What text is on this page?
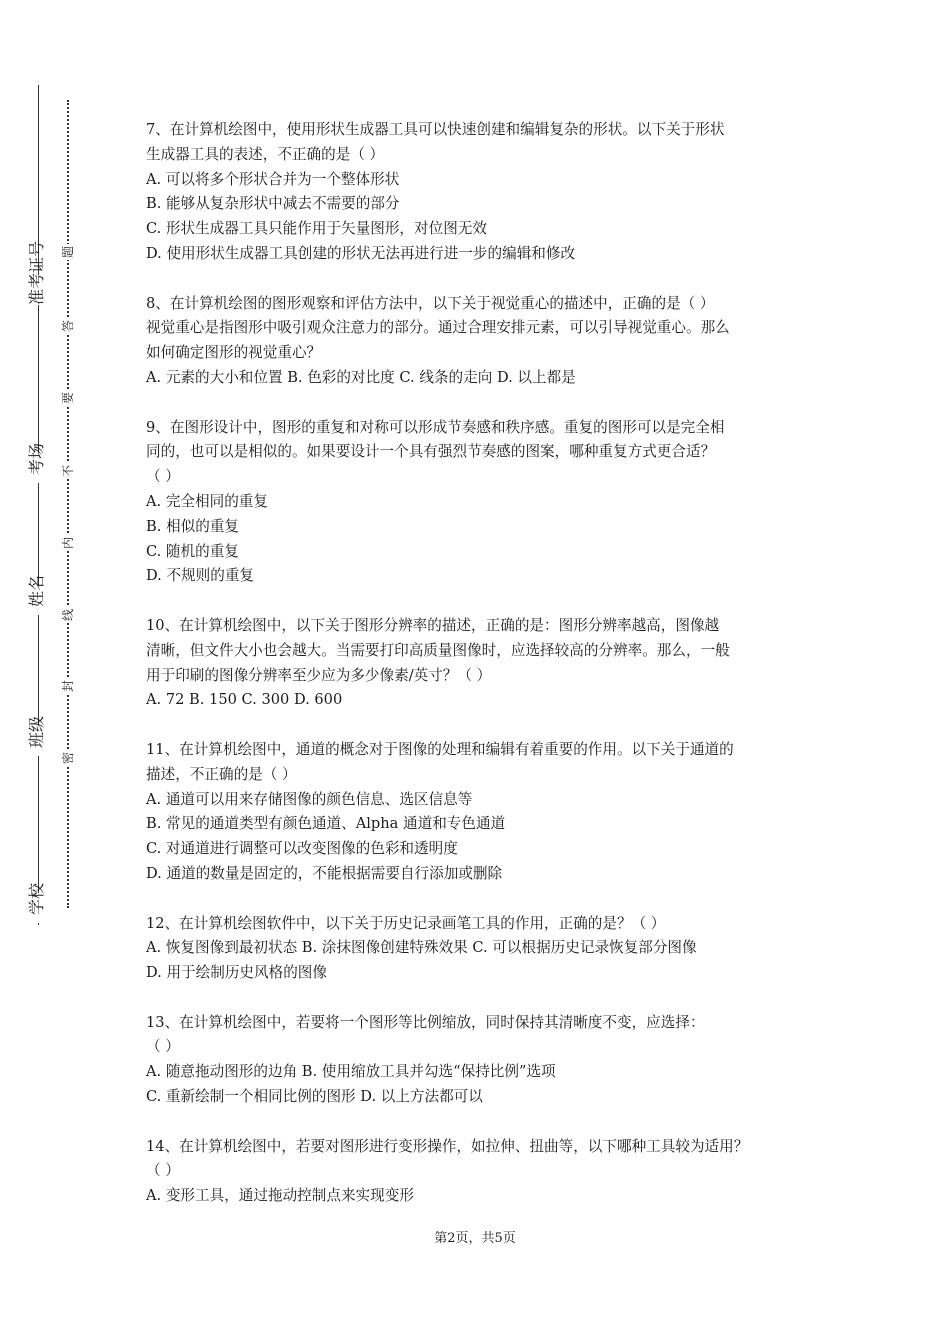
准考证号
考场
姓名
班级
学校
题
答
要
不
内
线
封
密
7、在计算机绘图中，使用形状生成器工具可以快速创建和编辑复杂的形状。以下关于形状
生成器工具的表述，不正确的是（ ）
A. 可以将多个形状合并为一个整体形状
B. 能够从复杂形状中减去不需要的部分
C. 形状生成器工具只能作用于矢量图形，对位图无效
D. 使用形状生成器工具创建的形状无法再进行进一步的编辑和修改
8、在计算机绘图的图形观察和评估方法中，以下关于视觉重心的描述中，正确的是（ ）
视觉重心是指图形中吸引观众注意力的部分。通过合理安排元素，可以引导视觉重心。那么
如何确定图形的视觉重心？
A. 元素的大小和位置 B. 色彩的对比度 C. 线条的走向 D. 以上都是
9、在图形设计中，图形的重复和对称可以形成节奏感和秩序感。重复的图形可以是完全相
同的，也可以是相似的。如果要设计一个具有强烈节奏感的图案，哪种重复方式更合适？
（ ）
A. 完全相同的重复
B. 相似的重复
C. 随机的重复
D. 不规则的重复
10、在计算机绘图中，以下关于图形分辨率的描述，正确的是：图形分辨率越高，图像越
清晰，但文件大小也会越大。当需要打印高质量图像时，应选择较高的分辨率。那么，一般
用于印刷的图像分辨率至少应为多少像素/英寸？（ ）
A. 72 B. 150 C. 300 D. 600
11、在计算机绘图中，通道的概念对于图像的处理和编辑有着重要的作用。以下关于通道的
描述，不正确的是（ ）
A. 通道可以用来存储图像的颜色信息、选区信息等
B. 常见的通道类型有颜色通道、Alpha 通道和专色通道
C. 对通道进行调整可以改变图像的色彩和透明度
D. 通道的数量是固定的，不能根据需要自行添加或删除
12、在计算机绘图软件中，以下关于历史记录画笔工具的作用，正确的是？（ ）
A. 恢复图像到最初状态 B. 涂抹图像创建特殊效果 C. 可以根据历史记录恢复部分图像
D. 用于绘制历史风格的图像
13、在计算机绘图中，若要将一个图形等比例缩放，同时保持其清晰度不变，应选择：
（ ）
A. 随意拖动图形的边角 B. 使用缩放工具并勾选“保持比例”选项
C. 重新绘制一个相同比例的图形 D. 以上方法都可以
14、在计算机绘图中，若要对图形进行变形操作，如拉伸、扭曲等，以下哪种工具较为适用？
（ ）
A. 变形工具，通过拖动控制点来实现变形
第2页，共5页
